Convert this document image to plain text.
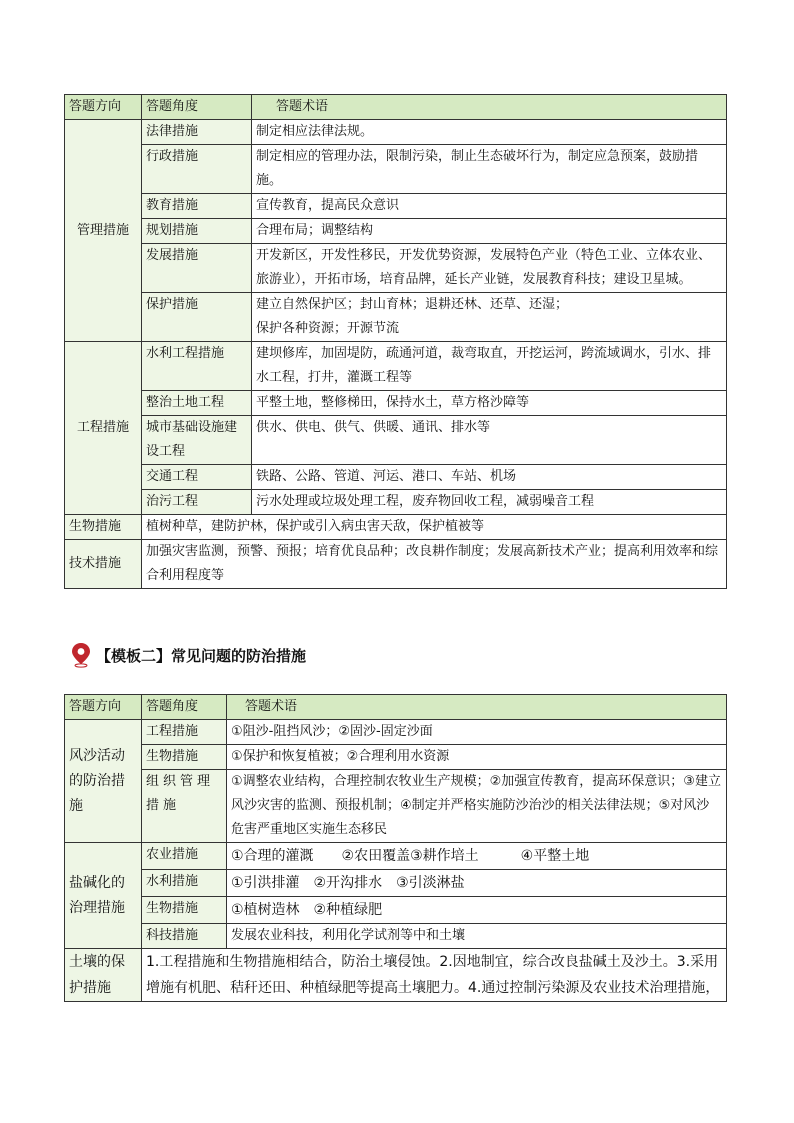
答题方向	答题角度	答题术语
管理措施	法律措施	制定相应法律法规。
	行政措施	制定相应的管理办法，限制污染，制止生态破坏行为，制定应急预案，鼓励措施。
	教育措施	宣传教育，提高民众意识
	规划措施	合理布局；调整结构
	发展措施	开发新区，开发性移民，开发优势资源，发展特色产业（特色工业、立体农业、旅游业），开拓市场，培育品牌，延长产业链，发展教育科技；建设卫星城。
	保护措施	建立自然保护区；封山育林；退耕还林、还草、还湿；
保护各种资源；开源节流

工程措施	水利工程措施	建坝修库，加固堤防，疏通河道，裁弯取直，开挖运河，跨流域调水，引水、排水工程，打井，灌溉工程等
	整治土地工程	平整土地，整修梯田，保持水土，草方格沙障等
	城市基础设施建设工程	供水、供电、供气、供暖、通讯、排水等
	交通工程	铁路、公路、管道、河运、港口、车站、机场
	治污工程	污水处理或垃圾处理工程，废弃物回收工程，减弱噪音工程
生物措施	植树种草，建防护林，保护或引入病虫害天敌，保护植被等	
技术措施	加强灾害监测，预警、预报；培育优良品种；改良耕作制度；发展高新技术产业；提高利用效率和综合利用程度等	
【模板二】常见问题的防治措施
答题方向	答题角度	答题术语
风沙活动的防治措施	工程措施	①阻沙-阻挡风沙；②固沙-固定沙面
	生物措施	①保护和恢复植被；②合理利用水资源
	组织管理措施	①调整农业结构，合理控制农牧业生产规模；②加强宣传教育，提高环保意识；③建立风沙灾害的监测、预报机制；④制定并严格实施防沙治沙的相关法律法规；⑤对风沙危害严重地区实施生态移民
盐碱化的治理措施	农业措施	①合理的灌溉　　②农田覆盖③耕作培土　　　④平整土地
	水利措施	①引洪排灌　②开沟排水　③引淡淋盐
	生物措施	①植树造林　②种植绿肥
	科技措施	发展农业科技，利用化学试剂等中和土壤
土壤的保护措施	1.工程措施和生物措施相结合，防治土壤侵蚀。2.因地制宜，综合改良盐碱土及沙土。3.采用增施有机肥、秸秆还田、种植绿肥等提高土壤肥力。4.通过控制污染源及农业技术治理措施，	
